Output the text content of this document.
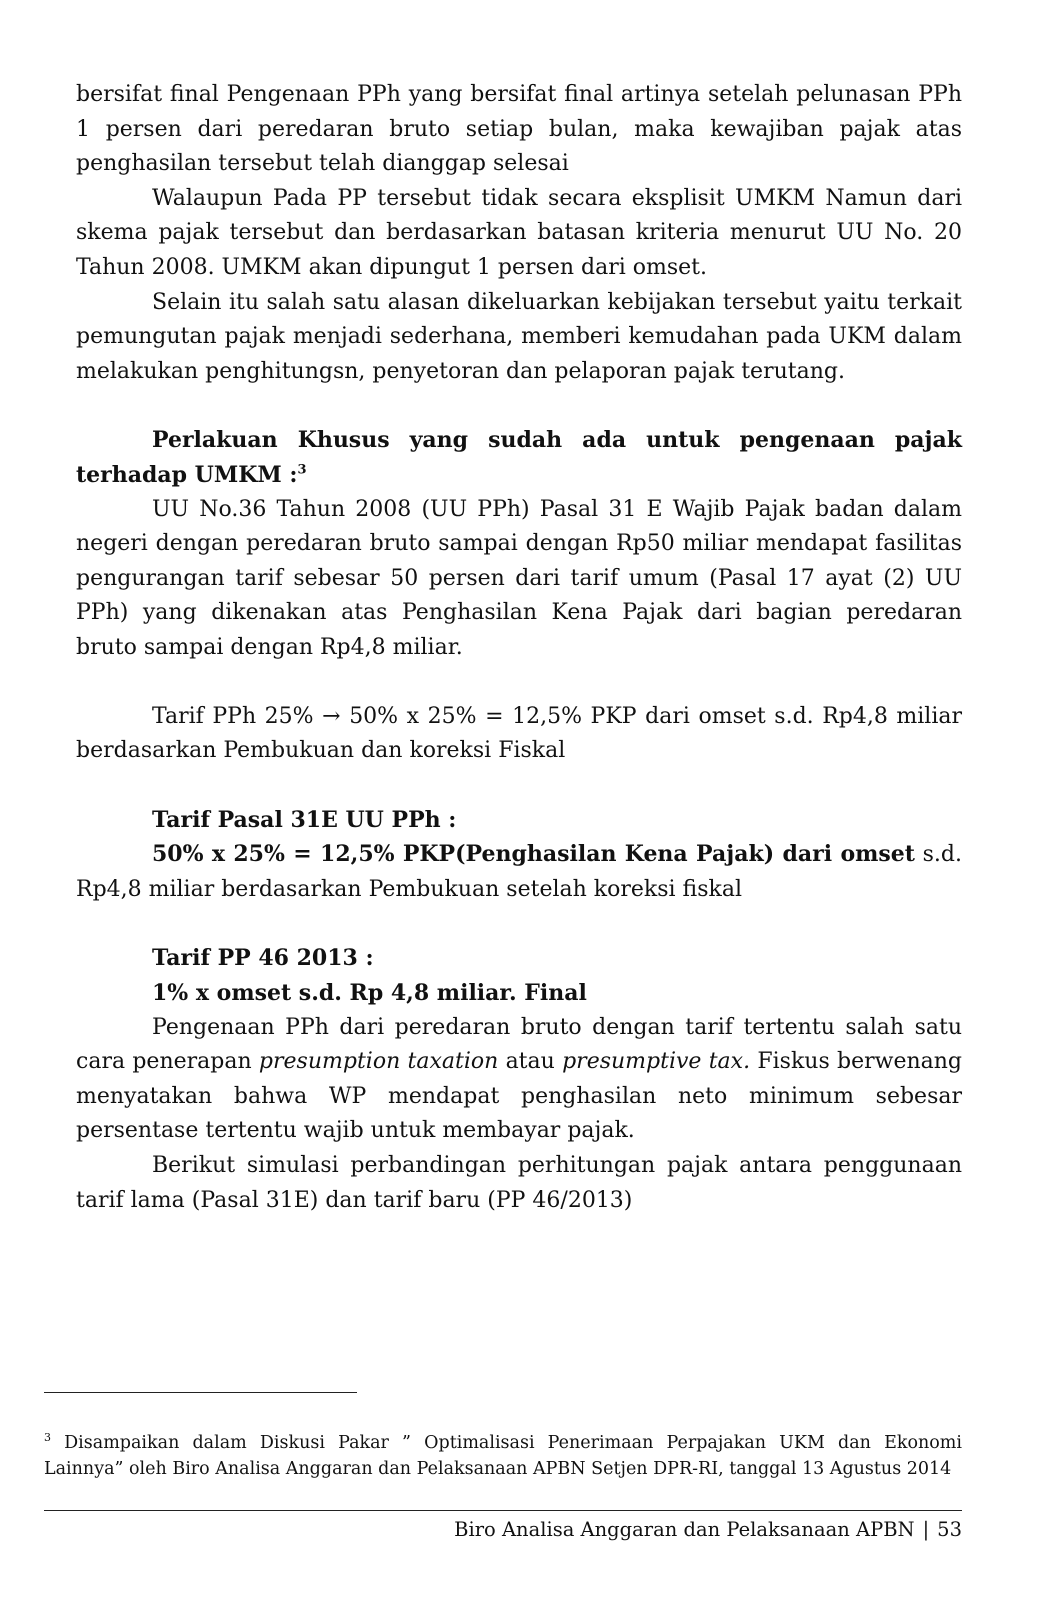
bersifat final Pengenaan PPh yang bersifat final artinya setelah pelunasan PPh 1 persen dari peredaran bruto setiap bulan, maka kewajiban pajak atas penghasilan tersebut telah dianggap selesai

Walaupun Pada PP tersebut tidak secara eksplisit UMKM Namun dari skema pajak tersebut dan berdasarkan batasan kriteria menurut UU No. 20 Tahun 2008. UMKM akan dipungut 1 persen dari omset.

Selain itu salah satu alasan dikeluarkan kebijakan tersebut yaitu terkait pemungutan pajak menjadi sederhana, memberi kemudahan pada UKM dalam melakukan penghitungsn, penyetoran dan pelaporan pajak terutang.

Perlakuan Khusus yang sudah ada untuk pengenaan pajak terhadap UMKM :$^3$

UU No.36 Tahun 2008 (UU PPh) Pasal 31 E Wajib Pajak badan dalam negeri dengan peredaran bruto sampai dengan Rp50 miliar mendapat fasilitas pengurangan tarif sebesar 50 persen dari tarif umum (Pasal 17 ayat (2) UU PPh) yang dikenakan atas Penghasilan Kena Pajak dari bagian peredaran bruto sampai dengan Rp4,8 miliar.

Tarif PPh 25% → 50% x 25% = 12,5% PKP dari omset s.d. Rp4,8 miliar berdasarkan Pembukuan dan koreksi Fiskal

Tarif Pasal 31E UU PPh :

50% x 25% = 12,5% PKP(Penghasilan Kena Pajak) dari omset s.d. Rp4,8 miliar berdasarkan Pembukuan setelah koreksi fiskal

Tarif PP 46 2013 :

1% x omset s.d. Rp 4,8 miliar. Final

Pengenaan PPh dari peredaran bruto dengan tarif tertentu salah satu cara penerapan presumption taxation atau presumptive tax. Fiskus berwenang menyatakan bahwa WP mendapat penghasilan neto minimum sebesar persentase tertentu wajib untuk membayar pajak.

Berikut simulasi perbandingan perhitungan pajak antara penggunaan tarif lama (Pasal 31E) dan tarif baru (PP 46/2013)

$^3$ Disampaikan dalam Diskusi Pakar ” Optimalisasi Penerimaan Perpajakan UKM dan Ekonomi Lainnya” oleh Biro Analisa Anggaran dan Pelaksanaan APBN Setjen DPR-RI, tanggal 13 Agustus 2014

Biro Analisa Anggaran dan Pelaksanaan APBN | 53
